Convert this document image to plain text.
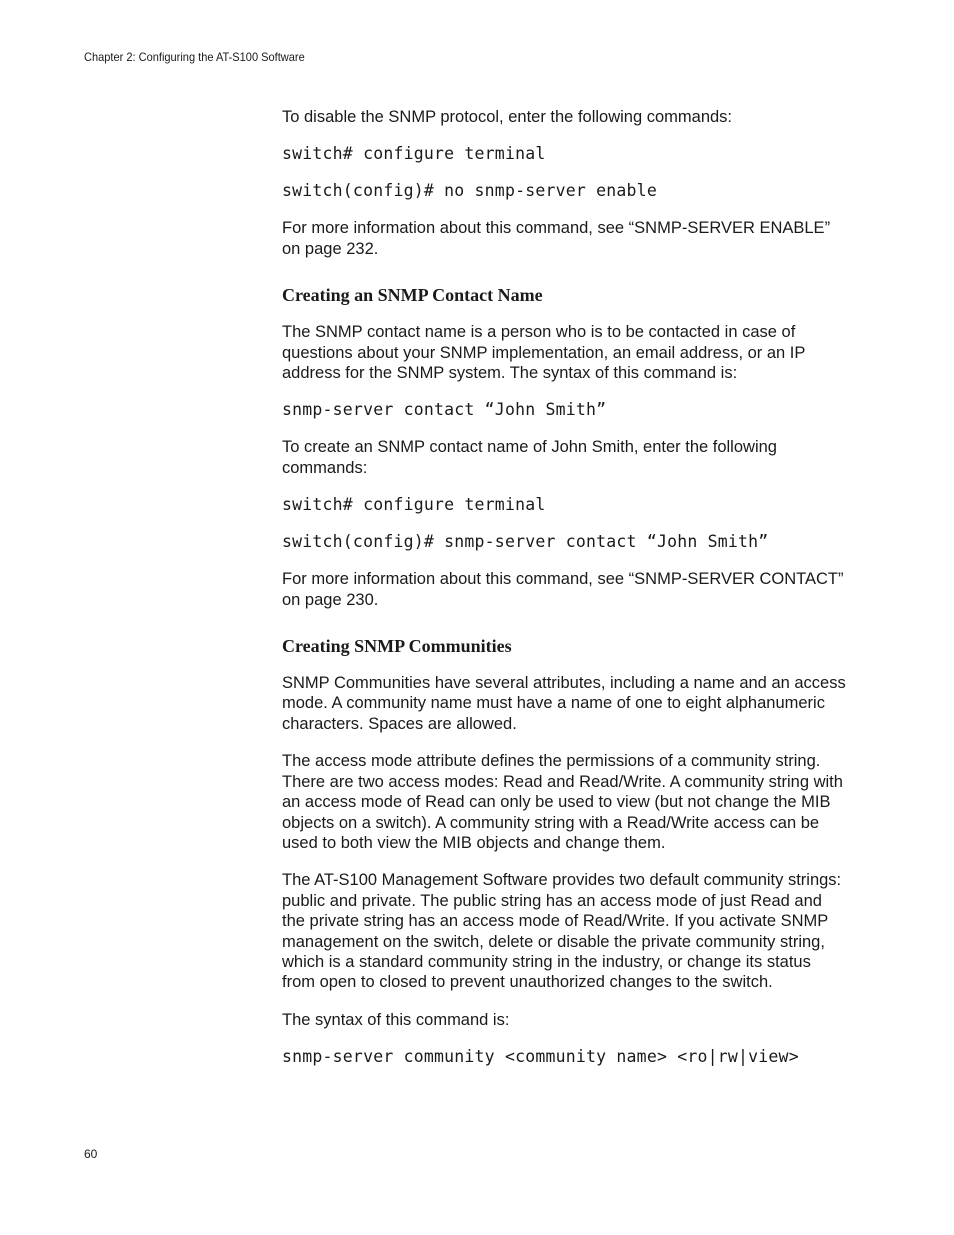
Chapter 2: Configuring the AT-S100 Software

To disable the SNMP protocol, enter the following commands:

switch# configure terminal
switch(config)# no snmp-server enable

For more information about this command, see “SNMP-SERVER ENABLE” on page 232.

Creating an SNMP Contact Name

The SNMP contact name is a person who is to be contacted in case of questions about your SNMP implementation, an email address, or an IP address for the SNMP system. The syntax of this command is:

snmp-server contact “John Smith”

To create an SNMP contact name of John Smith, enter the following commands:

switch# configure terminal
switch(config)# snmp-server contact “John Smith”

For more information about this command, see “SNMP-SERVER CONTACT” on page 230.

Creating SNMP Communities

SNMP Communities have several attributes, including a name and an access mode. A community name must have a name of one to eight alphanumeric characters. Spaces are allowed.

The access mode attribute defines the permissions of a community string. There are two access modes: Read and Read/Write. A community string with an access mode of Read can only be used to view (but not change the MIB objects on a switch). A community string with a Read/Write access can be used to both view the MIB objects and change them.

The AT-S100 Management Software provides two default community strings: public and private. The public string has an access mode of just Read and the private string has an access mode of Read/Write. If you activate SNMP management on the switch, delete or disable the private community string, which is a standard community string in the industry, or change its status from open to closed to prevent unauthorized changes to the switch.

The syntax of this command is:

snmp-server community <community name> <ro|rw|view>
60
